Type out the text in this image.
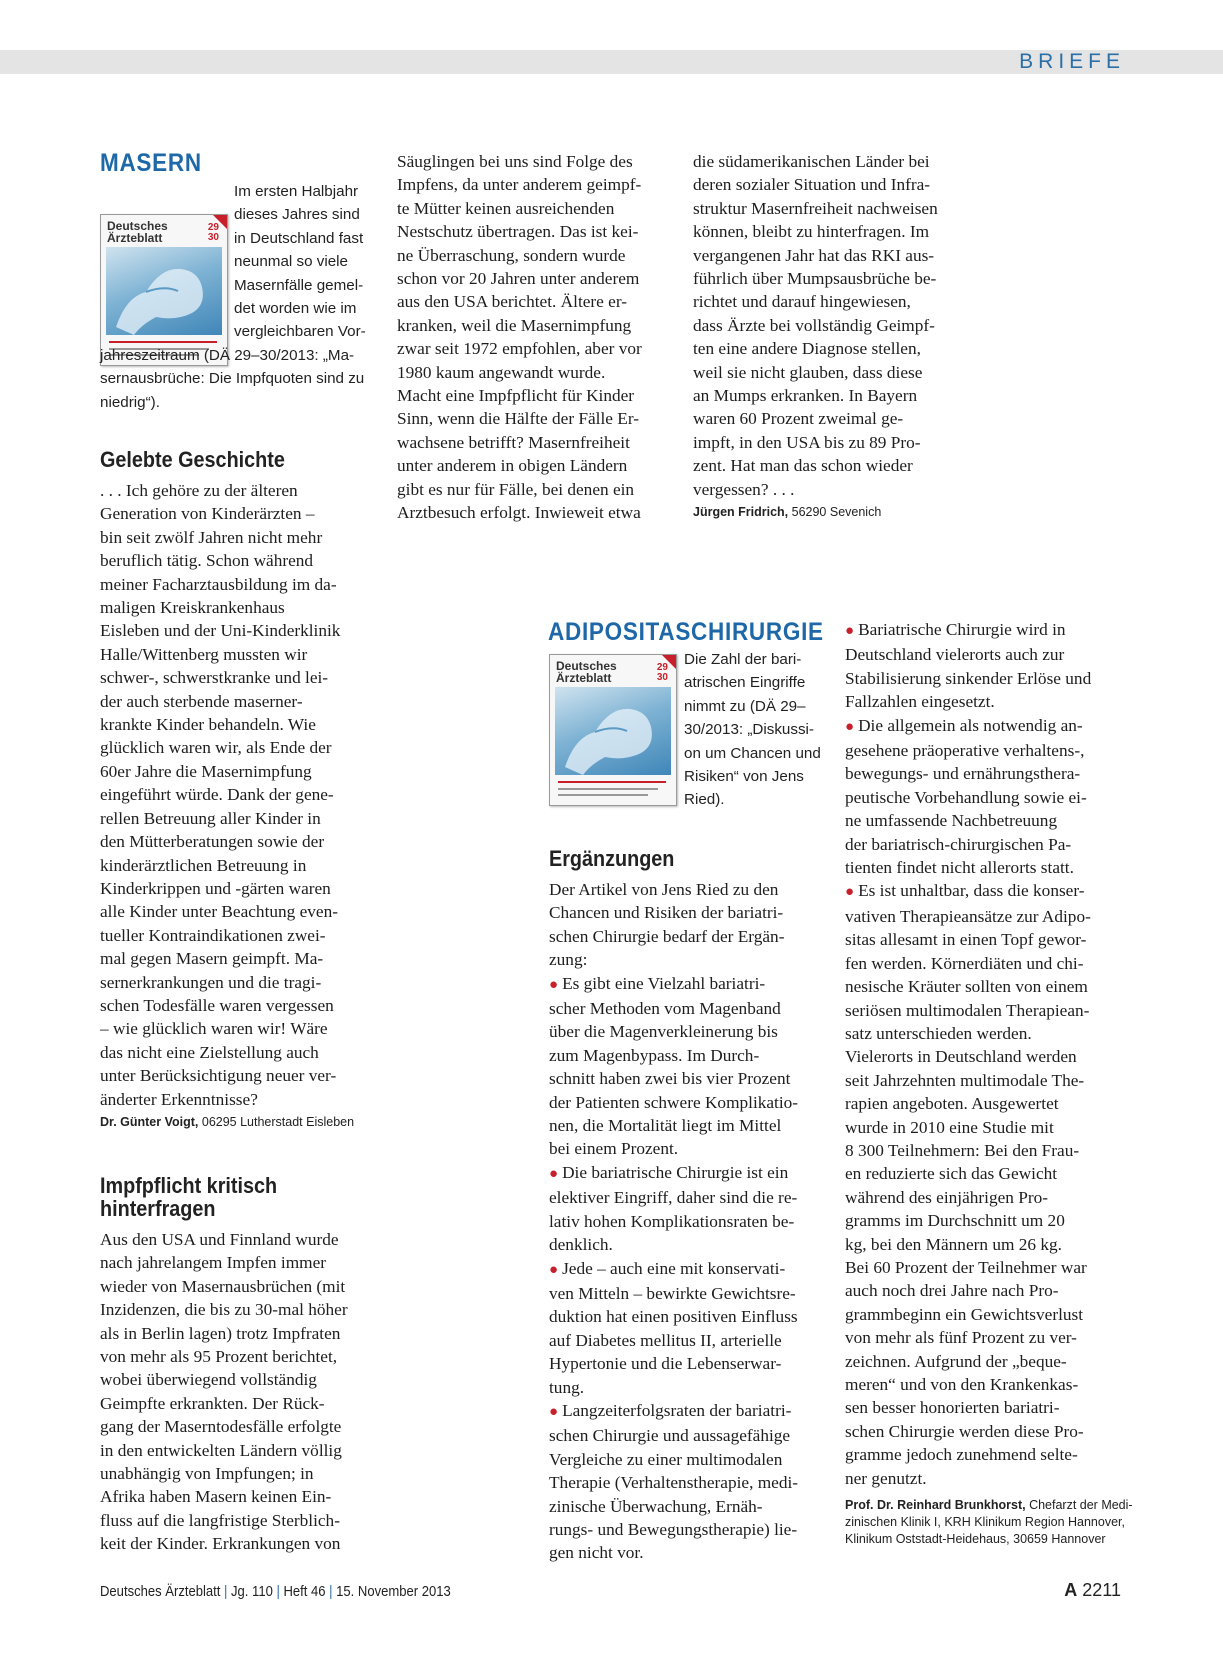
BRIEFE
MASERN
Deutsches
Ärzteblatt
29
30

Im ersten Halbjahr

dieses Jahres sind

in Deutschland fast

neunmal so viele

Masernfälle gemel-

det worden wie im

vergleichbaren Vor-

jahreszeitraum (DÄ 29–30/2013: „Ma-

sernausbrüche: Die Impfquoten sind zu

niedrig“).

Gelebte Geschichte

. . . Ich gehöre zu der älteren

Generation von Kinderärzten –

bin seit zwölf Jahren nicht mehr

beruflich tätig. Schon während

meiner Facharztausbildung im da-

maligen Kreiskrankenhaus

Eisleben und der Uni-Kinderklinik

Halle/Wittenberg mussten wir

schwer-, schwerstkranke und lei-

der auch sterbende maserner-

krankte Kinder behandeln. Wie

glücklich waren wir, als Ende der

60er Jahre die Masernimpfung

eingeführt würde. Dank der gene-

rellen Betreuung aller Kinder in

den Mütterberatungen sowie der

kinderärztlichen Betreuung in

Kinderkrippen und -gärten waren

alle Kinder unter Beachtung even-

tueller Kontraindikationen zwei-

mal gegen Masern geimpft. Ma-

sernerkrankungen und die tragi-

schen Todesfälle waren vergessen

– wie glücklich waren wir! Wäre

das nicht eine Zielstellung auch

unter Berücksichtigung neuer ver-

änderter Erkenntnisse?

Dr. Günter Voigt, 06295 Lutherstadt Eisleben

Impfpflicht kritisch
hinterfragen

Aus den USA und Finnland wurde

nach jahrelangem Impfen immer

wieder von Masernausbrüchen (mit

Inzidenzen, die bis zu 30-mal höher

als in Berlin lagen) trotz Impfraten

von mehr als 95 Prozent berichtet,

wobei überwiegend vollständig

Geimpfte erkrankten. Der Rück-

gang der Maserntodesfälle erfolgte

in den entwickelten Ländern völlig

unabhängig von Impfungen; in

Afrika haben Masern keinen Ein-

fluss auf die langfristige Sterblich-

keit der Kinder. Erkrankungen von

Säuglingen bei uns sind Folge des

Impfens, da unter anderem geimpf-

te Mütter keinen ausreichenden

Nestschutz übertragen. Das ist kei-

ne Überraschung, sondern wurde

schon vor 20 Jahren unter anderem

aus den USA berichtet. Ältere er-

kranken, weil die Masernimpfung

zwar seit 1972 empfohlen, aber vor

1980 kaum angewandt wurde.

Macht eine Impfpflicht für Kinder

Sinn, wenn die Hälfte der Fälle Er-

wachsene betrifft? Masernfreiheit

unter anderem in obigen Ländern

gibt es nur für Fälle, bei denen ein

Arztbesuch erfolgt. Inwieweit etwa

die südamerikanischen Länder bei

deren sozialer Situation und Infra-

struktur Masernfreiheit nachweisen

können, bleibt zu hinterfragen. Im

vergangenen Jahr hat das RKI aus-

führlich über Mumpsausbrüche be-

richtet und darauf hingewiesen,

dass Ärzte bei vollständig Geimpf-

ten eine andere Diagnose stellen,

weil sie nicht glauben, dass diese

an Mumps erkranken. In Bayern

waren 60 Prozent zweimal ge-

impft, in den USA bis zu 89 Pro-

zent. Hat man das schon wieder

vergessen? . . .

Jürgen Fridrich, 56290 Sevenich

ADIPOSITASCHIRURGIE
Deutsches
Ärzteblatt
29
30

Die Zahl der bari-

atrischen Eingriffe

nimmt zu (DÄ 29–

30/2013: „Diskussi-

on um Chancen und

Risiken“ von Jens

Ried).

Ergänzungen

Der Artikel von Jens Ried zu den

Chancen und Risiken der bariatri-

schen Chirurgie bedarf der Ergän-

zung:

● Es gibt eine Vielzahl bariatri-

scher Methoden vom Magenband

über die Magenverkleinerung bis

zum Magenbypass. Im Durch-

schnitt haben zwei bis vier Prozent

der Patienten schwere Komplikatio-

nen, die Mortalität liegt im Mittel

bei einem Prozent.

● Die bariatrische Chirurgie ist ein

elektiver Eingriff, daher sind die re-

lativ hohen Komplikationsraten be-

denklich.

● Jede – auch eine mit konservati-

ven Mitteln – bewirkte Gewichtsre-

duktion hat einen positiven Einfluss

auf Diabetes mellitus II, arterielle

Hypertonie und die Lebenserwar-

tung.

● Langzeiterfolgsraten der bariatri-

schen Chirurgie und aussagefähige

Vergleiche zu einer multimodalen

Therapie (Verhaltenstherapie, medi-

zinische Überwachung, Ernäh-

rungs- und Bewegungstherapie) lie-

gen nicht vor.

● Bariatrische Chirurgie wird in

Deutschland vielerorts auch zur

Stabilisierung sinkender Erlöse und

Fallzahlen eingesetzt.

● Die allgemein als notwendig an-

gesehene präoperative verhaltens-,

bewegungs- und ernährungsthera-

peutische Vorbehandlung sowie ei-

ne umfassende Nachbetreuung

der bariatrisch-chirurgischen Pa-

tienten findet nicht allerorts statt.

● Es ist unhaltbar, dass die konser-

vativen Therapieansätze zur Adipo-

sitas allesamt in einen Topf gewor-

fen werden. Körnerdiäten und chi-

nesische Kräuter sollten von einem

seriösen multimodalen Therapiean-

satz unterschieden werden.

Vielerorts in Deutschland werden

seit Jahrzehnten multimodale The-

rapien angeboten. Ausgewertet

wurde in 2010 eine Studie mit

8 300 Teilnehmern: Bei den Frau-

en reduzierte sich das Gewicht

während des einjährigen Pro-

gramms im Durchschnitt um 20

kg, bei den Männern um 26 kg.

Bei 60 Prozent der Teilnehmer war

auch noch drei Jahre nach Pro-

grammbeginn ein Gewichtsverlust

von mehr als fünf Prozent zu ver-

zeichnen. Aufgrund der „beque-

meren“ und von den Krankenkas-

sen besser honorierten bariatri-

schen Chirurgie werden diese Pro-

gramme jedoch zunehmend selte-

ner genutzt.

Prof. Dr. Reinhard Brunkhorst, Chefarzt der Medi-
zinischen Klinik I, KRH Klinikum Region Hannover,
Klinikum Oststadt-Heidehaus, 30659 Hannover

Deutsches Ärzteblatt | Jg. 110 | Heft 46 | 15. November 2013	A 2211
